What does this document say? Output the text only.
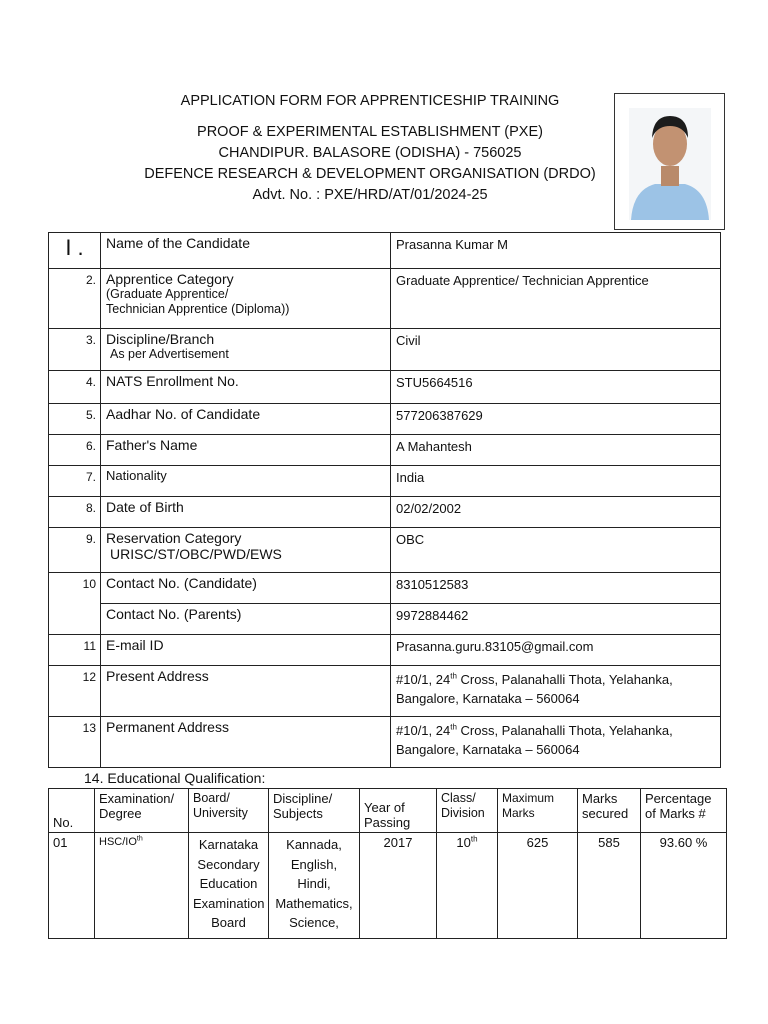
APPLICATION FORM FOR APPRENTICESHIP TRAINING
PROOF & EXPERIMENTAL ESTABLISHMENT (PXE)
CHANDIPUR. BALASORE (ODISHA) - 756025
DEFENCE RESEARCH & DEVELOPMENT ORGANISATION (DRDO)
Advt. No. : PXE/HRD/AT/01/2024-25
I .	Name of the Candidate	Prasanna Kumar M
2.	Apprentice Category
(Graduate Apprentice/
Technician Apprentice (Diploma))	Graduate Apprentice/ Technician Apprentice
3.	Discipline/Branch
As per Advertisement	Civil
4.	NATS Enrollment No.	STU5664516
5.	Aadhar No. of Candidate	577206387629
6.	Father's Name	A Mahantesh
7.	Nationality	India
8.	Date of Birth	02/02/2002
9.	Reservation Category
URISC/ST/OBC/PWD/EWS	OBC
10	Contact No. (Candidate)	8310512583
	Contact No. (Parents)	9972884462
11	E-mail ID	Prasanna.guru.83105@gmail.com
12	Present Address	#10/1, 24th Cross, Palanahalli Thota, Yelahanka,
Bangalore, Karnataka – 560064
13	Permanent Address	#10/1, 24th Cross, Palanahalli Thota, Yelahanka,
Bangalore, Karnataka – 560064
14. Educational Qualification:
No.	Examination/ Degree	Board/ University	Discipline/ Subjects	Year of Passing	Class/ Division	Maximum Marks	Marks secured	Percentage of Marks #
01	HSC/$IO^{th}$	Karnataka Secondary Education Examination Board	Kannada, English, Hindi, Mathematics, Science,	2017	10th	625	585	93.60 %
